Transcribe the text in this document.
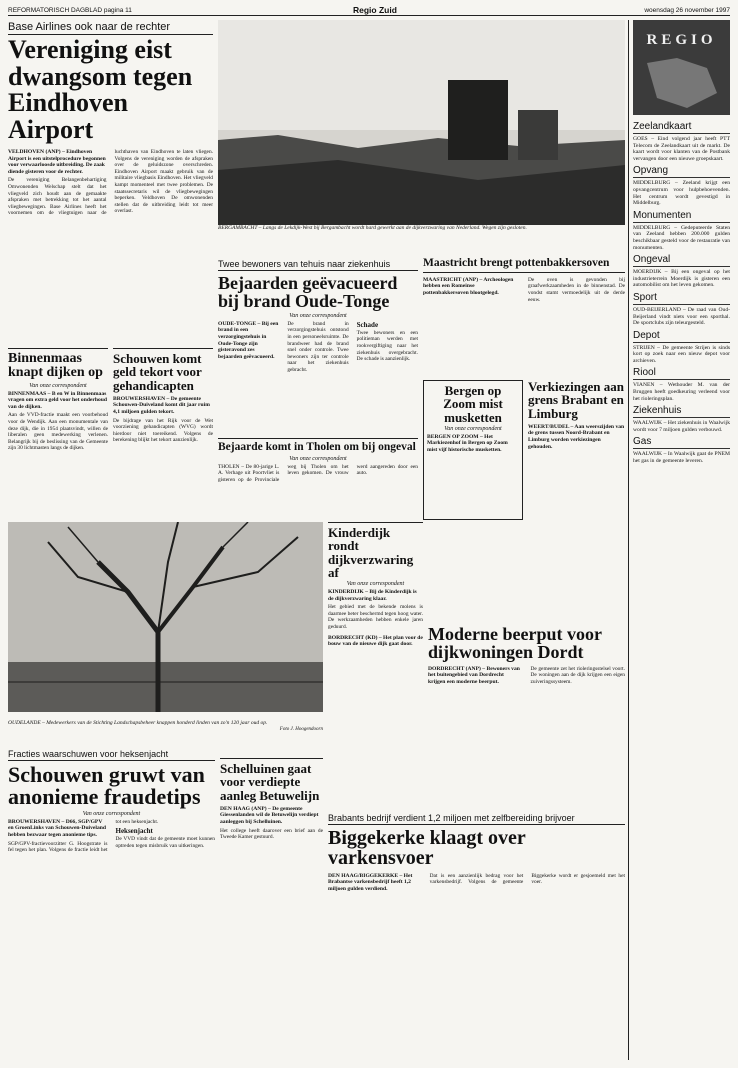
REFORMATORISCH DAGBLAD pagina 11	Regio Zuid	woensdag 26 november 1997
Base Airlines ook naar de rechter
Vereniging eist dwangsom tegen Eindhoven Airport

VELDHOVEN (ANP) – Eindhoven Airport is een uitstelprocedure begonnen voor verwaarloosde uitbreiding. De zaak diende gisteren voor de rechter.

De vereniging Belangenbehartiging Omwonenden Welschap stelt dat het vliegveld zich houdt aan de gemaakte afspraken met betrekking tot het aantal vliegbewegingen. Base Airlines heeft het voornemen om de vliegtuigen naar de luchthaven van Eindhoven te laten vliegen. Volgens de vereniging worden de afspraken over de geluidszone overschreden. Eindhoven Airport maakt gebruik van de militaire vliegbasis Eindhoven. Het vliegveld kampt momenteel met twee problemen. De staatssecretaris wil de vliegbewegingen beperken. Veldhoven De omwonenden stellen dat de uitbreiding leidt tot meer overlast.

BERGAMBACHT – Langs de Lekdijk-West bij Bergambacht wordt hard gewerkt aan de dijkverzwaring van Nederland. Wegen zijn gesloten.
REGIO
Zeelandkaart

GOES – Eind volgend jaar heeft PTT Telecom de Zeelandkaart uit de markt. De kaart wordt voor klanten van de Postbank vervangen door een nieuwe groepskaart.

Opvang

MIDDELBURG – Zeeland krijgt een opvangcentrum voor hulpbehoevenden. Het centrum wordt gevestigd in Middelburg.

Monumenten

MIDDELBURG – Gedeputeerde Staten van Zeeland hebben 200.000 gulden beschikbaar gesteld voor de restauratie van monumenten.

Ongeval

MOERDIJK – Bij een ongeval op het industrieterrein Moerdijk is gisteren een automobilist om het leven gekomen.

Sport

OUD-BEIJERLAND – De raad van Oud-Beijerland vindt niets voor een sporthal. De sportclubs zijn teleurgesteld.

Depot

STRIJEN – De gemeente Strijen is sinds kort op zoek naar een nieuw depot voor archieven.

Riool

VIANEN – Wethouder M. van der Bruggen heeft goedkeuring verleend voor het rioleringsplan.

Ziekenhuis

WAALWIJK – Het ziekenhuis in Waalwijk wordt voor 7 miljoen gulden verbouwd.

Gas

WAALWIJK – In Waalwijk gaat de PNEM het gas in de gemeente leveren.

Binnenmaas knapt dijken op
Van onze correspondent

BINNENMAAS – B en W in Binnenmaas vragen om extra geld voor het onderhoud van de dijken.

Aan de VVD-fractie maakt een voorbehoud voor de Wendijk. Aan een monumentale van deze dijk, die in 1954 plaatsvindt, willen de liberalen geen medewerking verlenen. Belangrijk bij de beslissing van de Gemeente zijn 30 lichtmasten langs de dijken.

Schouwen komt geld tekort voor gehandicapten

BROUWERSHAVEN – De gemeente Schouwen-Duiveland komt dit jaar ruim 4,1 miljoen gulden tekort.

De bijdrage van het Rijk voor de Wet voorziening gehandicapten (WVG) wordt hierdoor niet toereikend. Volgens de berekening blijkt het tekort aanzienlijk.

Twee bewoners van tehuis naar ziekenhuis
Bejaarden geëvacueerd bij brand Oude-Tonge
Van onze correspondent

OUDE-TONGE – Bij een brand in een verzorgingstehuis in Oude-Tonge zijn gisteravond zes bejaarden geëvacueerd.

De brand in verzorgingstehuis ontstond in een personeelsruimte. De brandweer had de brand snel onder controle. Twee bewoners zijn ter controle naar het ziekenhuis gebracht.

Schade

Twee bewoners en een politieman werden met rookvergiftiging naar het ziekenhuis overgebracht. De schade is aanzienlijk.

Maastricht brengt pottenbakkersoven

MAASTRICHT (ANP) – Archeologen hebben een Romeinse pottenbakkersoven blootgelegd.

De oven is gevonden bij graafwerkzaamheden in de binnenstad. De vondst stamt vermoedelijk uit de derde eeuw.

Bejaarde komt in Tholen om bij ongeval
Van onze correspondent

THOLEN – De 80-jarige L. A. Verhage uit Poortvliet is gisteren op de Provinciale weg bij Tholen om het leven gekomen. De vrouw werd aangereden door een auto.

Bergen op Zoom mist musketten
Van onze correspondent

BERGEN OP ZOOM – Het Markiezenhof in Bergen op Zoom mist vijf historische musketten.

Verkiezingen aan grens Brabant en Limburg

WEERT/BUDEL – Aan weerszijden van de grens tussen Noord-Brabant en Limburg worden verkiezingen gehouden.

OUDELANDE – Medewerkers van de Stichting Landschapsbeheer knappen honderd linden van zo'n 120 jaar oud op.
Foto J. Hoogendoorn
Kinderdijk rondt dijkverzwaring af
Van onze correspondent

KINDERDIJK – Bij de Kinderdijk is de dijkverzwaring klaar.

Het gebied met de bekende molens is daarmee beter beschermd tegen hoog water. De werkzaamheden hebben enkele jaren geduurd.

BORDRECHT (KD) – Het plan voor de bouw van de nieuwe dijk gaat door.

Moderne beerput voor dijkwoningen Dordt

DORDRECHT (ANP) – Bewoners van het buitengebied van Dordrecht krijgen een moderne beerput.

De gemeente zet het rioleringsstelsel voort. De woningen aan de dijk krijgen een eigen zuiveringssysteem.

Fracties waarschuwen voor heksenjacht
Schouwen gruwt van anonieme fraudetips
Van onze correspondent

BROUWERSHAVEN – D66, SGP/GPV en GroenLinks van Schouwen-Duiveland hebben bezwaar tegen anonieme tips.

SGP/GPV-fractievoorzitter G. Hoogstrate is fel tegen het plan. Volgens de fractie leidt het tot een heksenjacht.

Heksenjacht

De VVD vindt dat de gemeente moet kunnen optreden tegen misbruik van uitkeringen.

Schelluinen gaat voor verdiepte aanleg Betuwelijn

DEN HAAG (ANP) – De gemeente Giessenlanden wil de Betuwelijn verdiept aanleggen bij Schelluinen.

Het college heeft daarover een brief aan de Tweede Kamer gestuurd.

Brabants bedrijf verdient 1,2 miljoen met zelfbereiding brijvoer
Biggekerke klaagt over varkensvoer

DEN HAAG/BIGGEKERKE – Het Brabantse varkensbedrijf heeft 1,2 miljoen gulden verdiend.

Dat is een aanzienlijk bedrag voor het varkensbedrijf. Volgens de gemeente Biggekerke wordt er gesjoemeld met het voer.
